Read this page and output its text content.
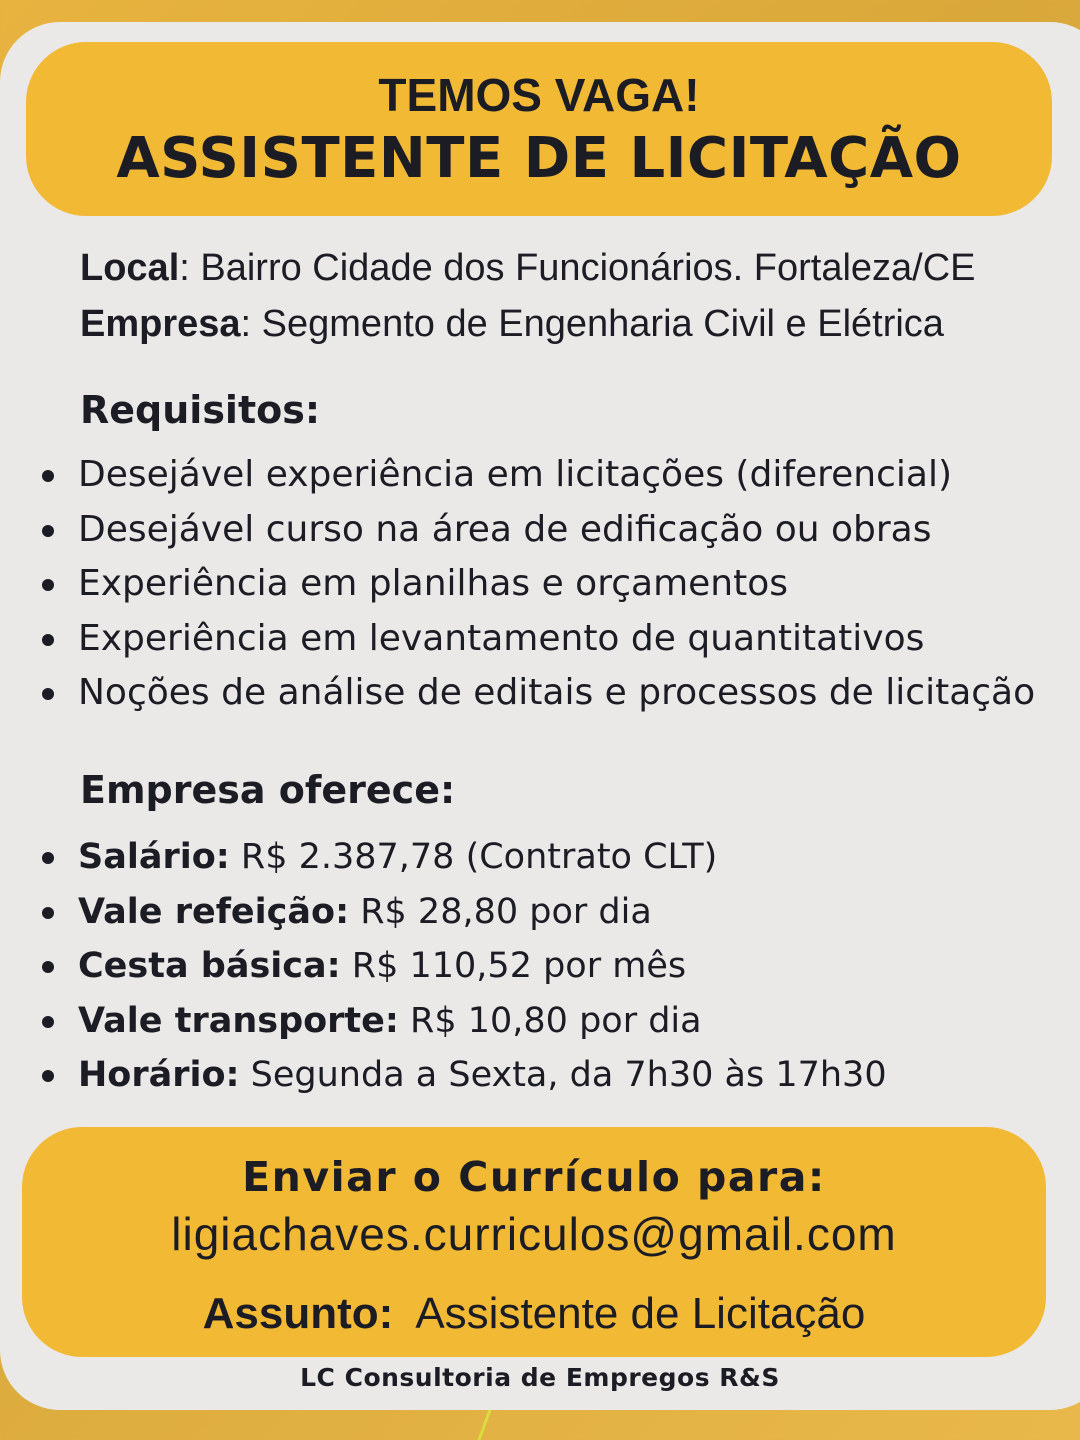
TEMOS VAGA!
ASSISTENTE DE LICITAÇÃO
Local: Bairro Cidade dos Funcionários. Fortaleza/CE
Empresa: Segmento de Engenharia Civil e Elétrica
Requisitos:
Desejável experiência em licitações (diferencial)
Desejável curso na área de edificação ou obras
Experiência em planilhas e orçamentos
Experiência em levantamento de quantitativos
Noções de análise de editais e processos de licitação
Empresa oferece:
Salário: R$ 2.387,78 (Contrato CLT)
Vale refeição: R$ 28,80 por dia
Cesta básica: R$ 110,52 por mês
Vale transporte: R$ 10,80 por dia
Horário: Segunda a Sexta, da 7h30 às 17h30
Enviar o Currículo para:
ligiachaves.curriculos@gmail.com
Assunto:  Assistente de Licitação
LC Consultoria de Empregos R&S
